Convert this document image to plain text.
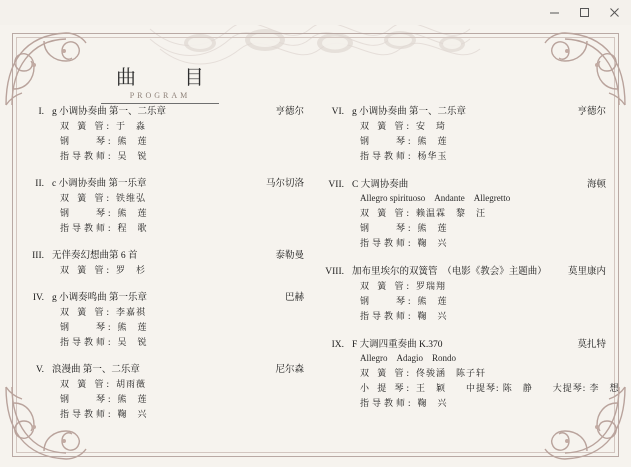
曲　目
PROGRAM
I. g 小调协奏曲 第一、二乐章	亨德尔
双 簧 管: 于　淼
钢　　琴: 熊　莲
指导教师: 吴　锐
II. c 小调协奏曲 第一乐章	马尔切洛
双 簧 管: 铁维弘
钢　　琴: 熊　莲
指导教师: 程　歌
III. 无伴奏幻想曲第 6 首	泰勒曼
双 簧 管: 罗　杉
IV. g 小调奏鸣曲 第一乐章	巴赫
双 簧 管: 李嘉祺
钢　　琴: 熊　莲
指导教师: 吴　锐
V. 浪漫曲 第一、二乐章	尼尔森
双 簧 管: 胡雨薇
钢　　琴: 熊　莲
指导教师: 鞠　兴
VI. g 小调协奏曲 第一、二乐章	亨德尔
双 簧 管: 安　琦
钢　　琴: 熊　莲
指导教师: 杨华玉
VII. C 大调协奏曲	海顿
Allegro spirituoso　Andante　Allegretto
双 簧 管: 赖温霖　黎　汪
钢　　琴: 熊　莲
指导教师: 鞠　兴
VIII. 加布里埃尔的双簧管　（电影《教会》主题曲）	莫里康内
双 簧 管: 罗瑞翔
钢　　琴: 熊　莲
指导教师: 鞠　兴
IX. F 大调四重奏曲 K.370	莫扎特
Allegro　Adagio　Rondo
双 簧 管: 佟骏涵　陈子轩
小 提 琴: 王　颖　　中提琴: 陈　静　　大提琴: 李　想
指导教师: 鞠　兴
